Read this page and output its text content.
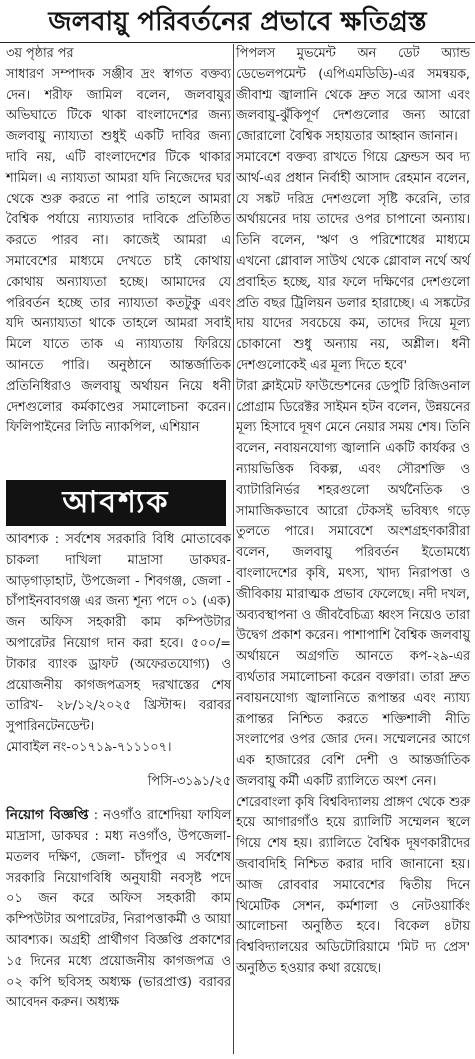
জলবায়ু পরিবর্তনের প্রভাবে ক্ষতিগ্রস্ত

৩য় পৃষ্ঠার পর

সাধারণ সম্পাদক সঞ্জীব দ্রং স্বাগত বক্তব্য দেন। শরীফ জামিল বলেন, জলবায়ুর অভিঘাতে টিকে থাকা বাংলাদেশের জন্য জলবায়ু ন্যায্যতা শুধুই একটি দাবির জন্য দাবি নয়, এটি বাংলাদেশের টিকে থাকার শামিল। এ ন্যায্যতা আমরা যদি নিজেদের ঘর থেকে শুরু করতে না পারি তাহলে আমরা বৈশ্বিক পর্যায়ে ন্যায্যতার দাবিকে প্রতিষ্ঠিত করতে পারব না। কাজেই আমরা এ সমাবেশের মাধ্যমে দেখতে চাই কোথায় কোথায় অন্যায্যতা হচ্ছে। আমাদের যে পরিবর্তন হচ্ছে তার ন্যায্যতা কতটুকু এবং যদি অন্যায্যতা থাকে তাহলে আমরা সবাই মিলে যাতে তাক এ ন্যায্যতায় ফিরিয়ে আনতে পারি। অনুষ্ঠানে আন্তর্জাতিক প্রতিনিধিরাও জলবায়ু অর্থায়ন নিয়ে ধনী দেশগুলোর কর্মকাণ্ডের সমালোচনা করেন। ফিলিপাইনের লিডি ন্যাকপিল, এশিয়ান

আবশ্যক

আবশ্যক : সর্বশেষ সরকারি বিধি মোতাবেক চাকলা দাখিলা মাদ্রাসা ডাকঘর- আড়গাড়াহাট, উপজেলা - শিবগঞ্জ, জেলা - চাঁপাইনবাবগঞ্জ এর জন্য শূন্য পদে ০১ (এক) জন অফিস সহকারী কাম কম্পিউটার অপারেটর নিয়োগ দান করা হবে। ৫০০/= টাকার ব্যাংক ড্রাফট (অফেরতযোগ্য) ও প্রয়োজনীয় কাগজপত্রসহ দরখাস্তের শেষ তারিখ- ২৮/১২/২০২৫ খ্রিস্টাব্দ। বরাবর সুপারিনটেনডেন্ট।

মোবাইল নং-০১৭১৯-৭১১১০৭।

পিসি-৩১৯১/২৫

নিয়োগ বিজ্ঞপ্তি : নওগাঁও রাশেদিয়া ফাযিল মাদ্রাসা, ডাকঘর : মধ্য নওগাঁও, উপজেলা-মতলব দক্ষিণ, জেলা- চাঁদপুর এ সর্বশেষ সরকারি নিয়োগবিধি অনুযায়ী নবসৃষ্ট পদে ০১ জন করে অফিস সহকারী কাম কম্পিউটার অপারেটর, নিরাপত্তাকর্মী ও আয়া আবশ্যক। অগ্রহী প্রার্থীগণ বিজ্ঞপ্তি প্রকাশের ১৫ দিনের মধ্যে প্রয়োজনীয় কাগজপত্র ও ০২ কপি ছবিসহ অধ্যক্ষ (ভারপ্রাপ্ত) বরাবর আবেদন করুন। অধ্যক্ষ

পিপলস মুভমেন্ট অন ডেট অ্যান্ড ডেভেলপমেন্ট (এপিএমডিডি)-এর সমন্বয়ক, জীবাশ্ম জ্বালানি থেকে দ্রুত সরে আসা এবং জলবায়ু-ঝুঁকিপূর্ণ দেশগুলোর জন্য আরো জোরালো বৈশ্বিক সহায়তার আহ্বান জানান।

সমাবেশে বক্তব্য রাখতে গিয়ে ফ্রেন্ডস অব দ্য আর্থ-এর প্রধান নির্বাহী আসাদ রেহমান বলেন, যে সঙ্কট দরিদ্র দেশগুলো সৃষ্টি করেনি, তার অর্থায়নের দায় তাদের ওপর চাপানো অন্যায়। তিনি বলেন, 'ঋণ ও পরিশোধের মাধ্যমে এখনো গ্লোবাল সাউথ থেকে গ্লোবাল নর্থে অর্থ প্রবাহিত হচ্ছে, যার ফলে দক্ষিণের দেশগুলো প্রতি বছর ট্রিলিয়ন ডলার হারাচ্ছে। এ সঙ্কটের দায় যাদের সবচেয়ে কম, তাদের দিয়ে মূল্য চোকানো শুধু অন্যায় নয়, অশ্লীল। ধনী দেশগুলোকেই এর মূল্য দিতে হবে'

টারা ক্লাইমেট ফাউন্ডেশনের ডেপুটি রিজিওনাল প্রোগ্রাম ডিরেক্টর সাইমন হটন বলেন, উন্নয়নের মূল্য হিসাবে দূষণ মেনে নেয়ার সময় শেষ। তিনি বলেন, নবায়নযোগ্য জ্বালানি একটি কার্যকর ও ন্যায়ভিত্তিক বিকল্প, এবং সৌরশক্তি ও ব্যাটারিনির্ভর শহরগুলো অর্থনৈতিক ও সামাজিকভাবে আরো টেকসই ভবিষ্যৎ গড়ে তুলতে পারে। সমাবেশে অংশগ্রহণকারীরা বলেন, জলবায়ু পরিবর্তন ইতোমধ্যে বাংলাদেশের কৃষি, মৎস্য, খাদ্য নিরাপত্তা ও জীবিকায় মারাত্মক প্রভাব ফেলেছে। নদী দখল, অব্যবস্থাপনা ও জীববৈচিত্র্য ধ্বংস নিয়েও তারা উদ্বেগ প্রকাশ করেন। পাশাপাশি বৈশ্বিক জলবায়ু অর্থায়নে অগ্রগতি আনতে কপ-২৯-এর ব্যর্থতার সমালোচনা করেন বক্তারা। তারা দ্রুত নবায়নযোগ্য জ্বালানিতে রূপান্তর এবং ন্যায্য রূপান্তর নিশ্চিত করতে শক্তিশালী নীতি সংলাপের ওপর জোর দেন। সম্মেলনের আগে এক হাজারের বেশি দেশী ও আন্তর্জাতিক জলবায়ু কর্মী একটি র‍্যালিতে অংশ নেন।

শেরেবাংলা কৃষি বিশ্ববিদ্যালয় প্রাঙ্গণ থেকে শুরু হয়ে আগারগাঁও হয়ে র‍্যালিটি সম্মেলন স্থলে গিয়ে শেষ হয়। র‍্যালিতে বৈশ্বিক দূষণকারীদের জবাবদিহি নিশ্চিত করার দাবি জানানো হয়। আজ রোববার সমাবেশের দ্বিতীয় দিনে থিমেটিক সেশন, কর্মশালা ও নেটওয়ার্কিং আলোচনা অনুষ্ঠিত হবে। বিকেল ৪টায় বিশ্ববিদ্যালয়ের অডিটোরিয়ামে 'মিট দ্য প্রেস' অনুষ্ঠিত হওয়ার কথা রয়েছে।
